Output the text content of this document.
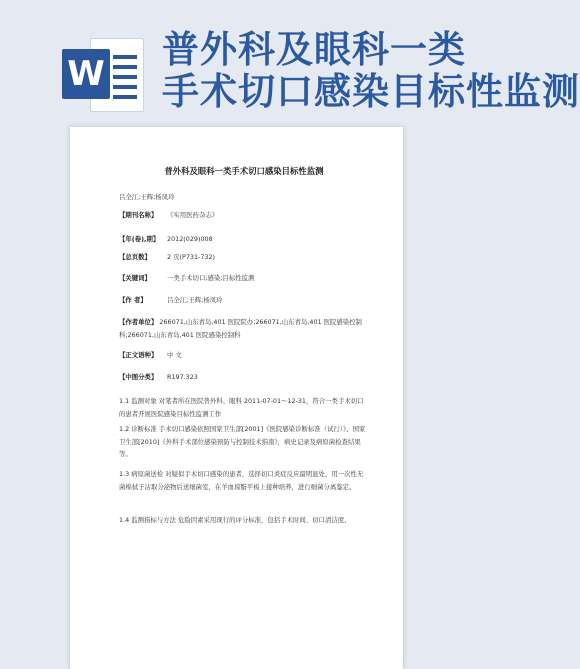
W
普外科及眼科一类
手术切口感染目标性监测
普外科及眼科一类手术切口感染目标性监测
吕全江;王辉;杨凤玲
【期刊名称】 《实用医药杂志》
【年(卷),期】 2012(029)008
【总页数】	2 页(P731-732)
【关键词】	一类手术切口;感染;目标性监测
【作 者】	吕全江;王辉;杨凤玲
【作者单位】 266071,山东青岛,401 医院院办;266071,山东青岛,401 医院感染控制科;266071,山东青岛,401 医院感染控制科
【正文语种】 中 文
【中图分类】 R197.323
1.1 监测对象 对笔者所在医院普外科、眼科 2011-07-01～12-31，符合一类手术切口的患者开展医院感染目标性监测工作
1.2 诊断标准 手术切口感染依照国家卫生部[2001]《医院感染诊断标准（试行）》、国家卫生部[2010]《外科手术部位感染预防与控制技术指南》，病史记录及病原菌检查结果等。
1.3 病原菌送检 对疑似手术切口感染的患者，选择切口炎症反应最明显处，用一次性无菌棉拭子沾取分泌物后送细菌室，在羊血琼脂平板上接种培养，进行细菌分离鉴定。
1.4 监测指标与方法 危险因素采用现行的评分标准，包括手术时间、切口清洁度、
